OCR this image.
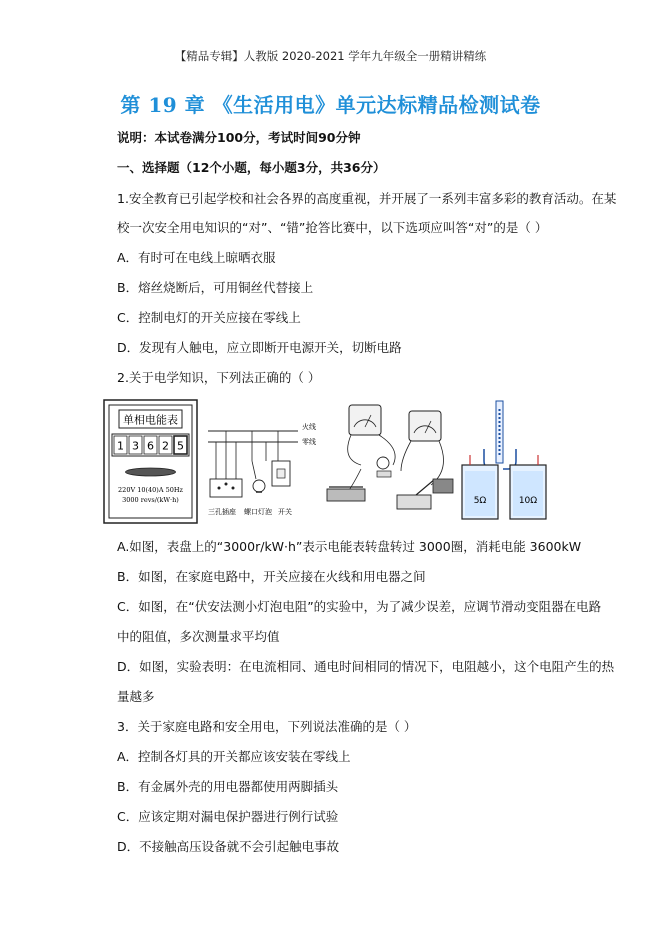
【精品专辑】人教版 2020-2021 学年九年级全一册精讲精练
第 19 章 《生活用电》单元达标精品检测试卷
说明：本试卷满分100分，考试时间90分钟
一、选择题（12个小题，每小题3分，共36分）
1.安全教育已引起学校和社会各界的高度重视，并开展了一系列丰富多彩的教育活动。在某
校一次安全用电知识的“对”、“错”抢答比赛中，以下选项应叫答“对”的是（ ）
A．有时可在电线上晾晒衣服
B．熔丝烧断后，可用铜丝代替接上
C．控制电灯的开关应接在零线上
D．发现有人触电，应立即断开电源开关，切断电路
2.关于电学知识，下列法正确的（ ）
单相电能表
1 3 6 2 5
220V 10(40)A 50Hz
3000 revs/(kW·h)
火线
零线
三孔插座 螺口灯泡 开关
5Ω	10Ω
A.如图，表盘上的“3000r/kW·h”表示电能表转盘转过 3000圈，消耗电能 3600kW
B．如图，在家庭电路中，开关应接在火线和用电器之间
C．如图，在“伏安法测小灯泡电阻”的实验中，为了减少误差，应调节滑动变阻器在电路
中的阻值，多次测量求平均值
D．如图，实验表明：在电流相同、通电时间相同的情况下，电阻越小，这个电阻产生的热
量越多
3．关于家庭电路和安全用电，下列说法准确的是（ ）
A．控制各灯具的开关都应该安装在零线上
B．有金属外壳的用电器都使用两脚插头
C．应该定期对漏电保护器进行例行试验
D．不接触高压设备就不会引起触电事故
